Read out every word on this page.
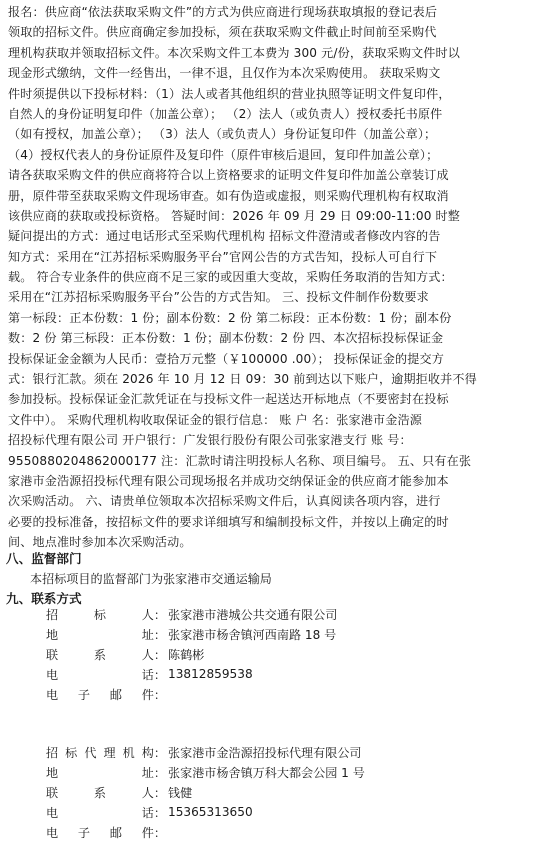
报名：供应商“依法获取采购文件”的方式为供应商进行现场获取填报的登记表后
领取的招标文件。供应商确定参加投标，须在获取采购文件截止时间前至采购代
理机构获取并领取招标文件。本次采购文件工本费为 300 元/份，获取采购文件时以
现金形式缴纳，文件一经售出，一律不退，且仅作为本次采购使用。 获取采购文
件时须提供以下投标材料：（1）法人或者其他组织的营业执照等证明文件复印件，
自然人的身份证明复印件（加盖公章）； （2）法人（或负责人）授权委托书原件
（如有授权，加盖公章）； （3）法人（或负责人）身份证复印件（加盖公章）；
（4）授权代表人的身份证原件及复印件（原件审核后退回，复印件加盖公章）；
请各获取采购文件的供应商将符合以上资格要求的证明文件复印件加盖公章装订成
册，原件带至获取采购文件现场审查。如有伪造或虚报，则采购代理机构有权取消
该供应商的获取或投标资格。 答疑时间：2026 年 09 月 29 日 09:00-11:00 时整
疑问提出的方式：通过电话形式至采购代理机构 招标文件澄清或者修改内容的告
知方式：采用在“江苏招标采购服务平台”官网公告的方式告知，投标人可自行下
载。 符合专业条件的供应商不足三家的或因重大变故，采购任务取消的告知方式：
采用在“江苏招标采购服务平台”公告的方式告知。 三、投标文件制作份数要求
第一标段：正本份数：1 份；副本份数：2 份 第二标段：正本份数：1 份；副本份
数：2 份 第三标段：正本份数：1 份；副本份数：2 份 四、本次招标投标保证金
投标保证金金额为人民币：壹拾万元整（￥100000 .00）； 投标保证金的提交方
式：银行汇款。须在 2026 年 10 月 12 日 09：30 前到达以下账户，逾期拒收并不得
参加投标。投标保证金汇款凭证在与投标文件一起送达开标地点（不要密封在投标
文件中）。 采购代理机构收取保证金的银行信息： 账 户 名：张家港市金浩源
招投标代理有限公司 开户银行：广发银行股份有限公司张家港支行 账 号：
9550880204862000177 注：汇款时请注明投标人名称、项目编号。 五、只有在张
家港市金浩源招投标代理有限公司现场报名并成功交纳保证金的供应商才能参加本
次采购活动。 六、请贵单位领取本次招标采购文件后，认真阅读各项内容，进行
必要的投标准备，按招标文件的要求详细填写和编制投标文件，并按以上确定的时
间、地点准时参加本次采购活动。

八、监督部门

本招标项目的监督部门为张家港市交通运输局

九、联系方式

招	标	人： 张家港市港城公共交通有限公司
地	址： 张家港市杨舍镇河西南路 18 号
联	系	人： 陈鹤彬
电	话： 13812859538
电 子 邮 件：
招 标 代 理 机 构： 张家港市金浩源招投标代理有限公司
地	址： 张家港市杨舍镇万科大都会公园 1 号
联	系	人： 钱健
电	话： 15365313650
电 子 邮 件：
